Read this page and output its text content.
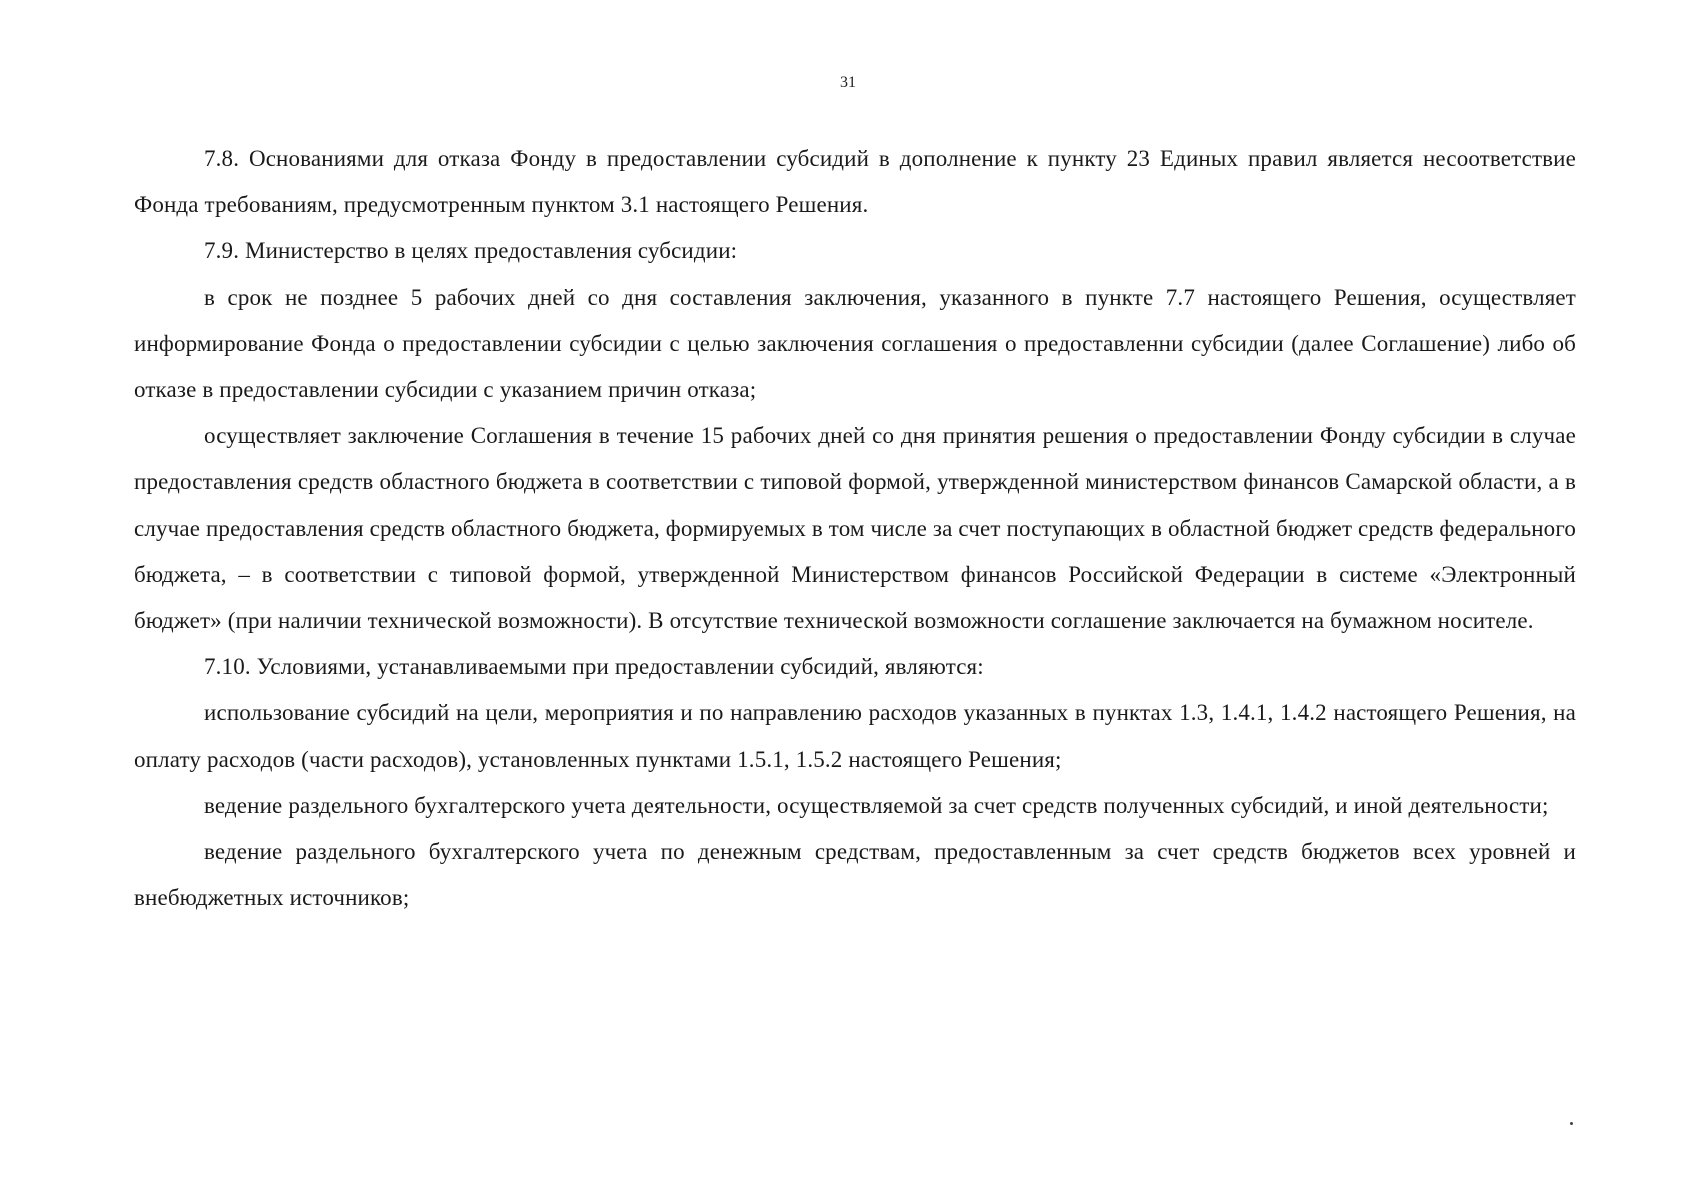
31

7.8. Основаниями для отказа Фонду в предоставлении субсидий в дополнение к пункту 23 Единых правил является несоответствие Фонда требованиям, предусмотренным пунктом 3.1 настоящего Решения.

7.9. Министерство в целях предоставления субсидии:

в срок не позднее 5 рабочих дней со дня составления заключения, указанного в пункте 7.7 настоящего Решения, осуществляет информирование Фонда о предоставлении субсидии с целью заключения соглашения о предоставленни субсидии (далее Соглашение) либо об отказе в предоставлении субсидии с указанием причин отказа;

осуществляет заключение Соглашения в течение 15 рабочих дней со дня принятия решения о предоставлении Фонду субсидии в случае предоставления средств областного бюджета в соответствии с типовой формой, утвержденной министерством финансов Самарской области, а в случае предоставления средств областного бюджета, формируемых в том числе за счет поступающих в областной бюджет средств федерального бюджета, – в соответствии с типовой формой, утвержденной Министерством финансов Российской Федерации в системе «Электронный бюджет» (при наличии технической возможности). В отсутствие технической возможности соглашение заключается на бумажном носителе.

7.10. Условиями, устанавливаемыми при предоставлении субсидий, являются:

использование субсидий на цели, мероприятия и по направлению расходов указанных в пунктах 1.3, 1.4.1, 1.4.2 настоящего Решения, на оплату расходов (части расходов), установленных пунктами 1.5.1, 1.5.2 настоящего Решения;

ведение раздельного бухгалтерского учета деятельности, осуществляемой за счет средств полученных субсидий, и иной деятельности;

ведение раздельного бухгалтерского учета по денежным средствам, предоставленным за счет средств бюджетов всех уровней и внебюджетных источников;
